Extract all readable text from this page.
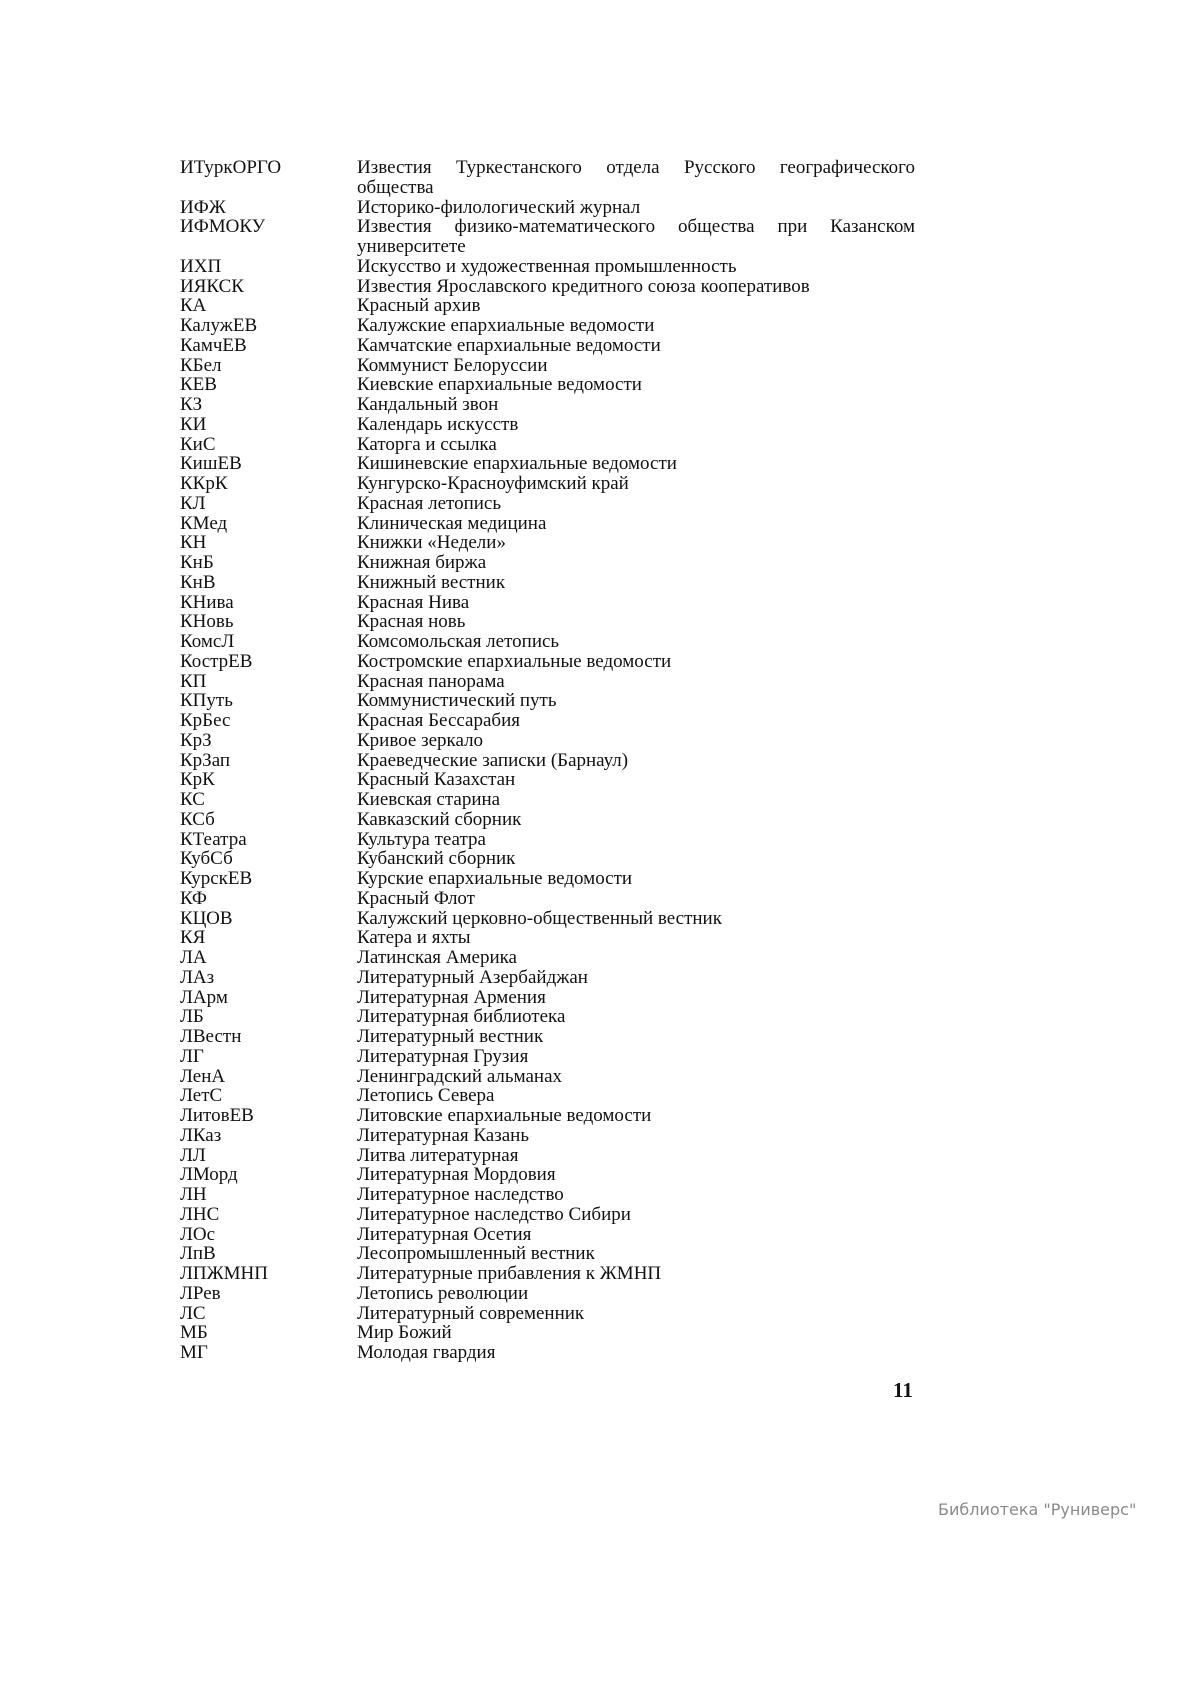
ИТуркОРГО	Известия Туркестанского отдела Русского географического общества
ИФЖ	Историко-филологический журнал
ИФМОКУ	Известия физико-математического общества при Казанском университете
ИХП	Искусство и художественная промышленность
ИЯКСК	Известия Ярославского кредитного союза кооперативов
КА	Красный архив
КалужЕВ	Калужские епархиальные ведомости
КамчЕВ	Камчатские епархиальные ведомости
КБел	Коммунист Белоруссии
КЕВ	Киевские епархиальные ведомости
КЗ	Кандальный звон
КИ	Календарь искусств
КиС	Каторга и ссылка
КишЕВ	Кишиневские епархиальные ведомости
ККрК	Кунгурско-Красноуфимский край
КЛ	Красная летопись
КМед	Клиническая медицина
КН	Книжки «Недели»
КнБ	Книжная биржа
КнВ	Книжный вестник
КНива	Красная Нива
КНовь	Красная новь
КомсЛ	Комсомольская летопись
КострЕВ	Костромские епархиальные ведомости
КП	Красная панорама
КПуть	Коммунистический путь
КрБес	Красная Бессарабия
КрЗ	Кривое зеркало
КрЗап	Краеведческие записки (Барнаул)
КрК	Красный Казахстан
КС	Киевская старина
КСб	Кавказский сборник
КТеатра	Культура театра
КубСб	Кубанский сборник
КурскЕВ	Курские епархиальные ведомости
КФ	Красный Флот
КЦОВ	Калужский церковно-общественный вестник
КЯ	Катера и яхты
ЛА	Латинская Америка
ЛАз	Литературный Азербайджан
ЛАрм	Литературная Армения
ЛБ	Литературная библиотека
ЛВестн	Литературный вестник
ЛГ	Литературная Грузия
ЛенА	Ленинградский альманах
ЛетС	Летопись Севера
ЛитовЕВ	Литовские епархиальные ведомости
ЛКаз	Литературная Казань
ЛЛ	Литва литературная
ЛМорд	Литературная Мордовия
ЛН	Литературное наследство
ЛНС	Литературное наследство Сибири
ЛОс	Литературная Осетия
ЛпВ	Лесопромышленный вестник
ЛПЖМНП	Литературные прибавления к ЖМНП
ЛРев	Летопись революции
ЛС	Литературный современник
МБ	Мир Божий
МГ	Молодая гвардия
11
Библиотека "Руниверс"
